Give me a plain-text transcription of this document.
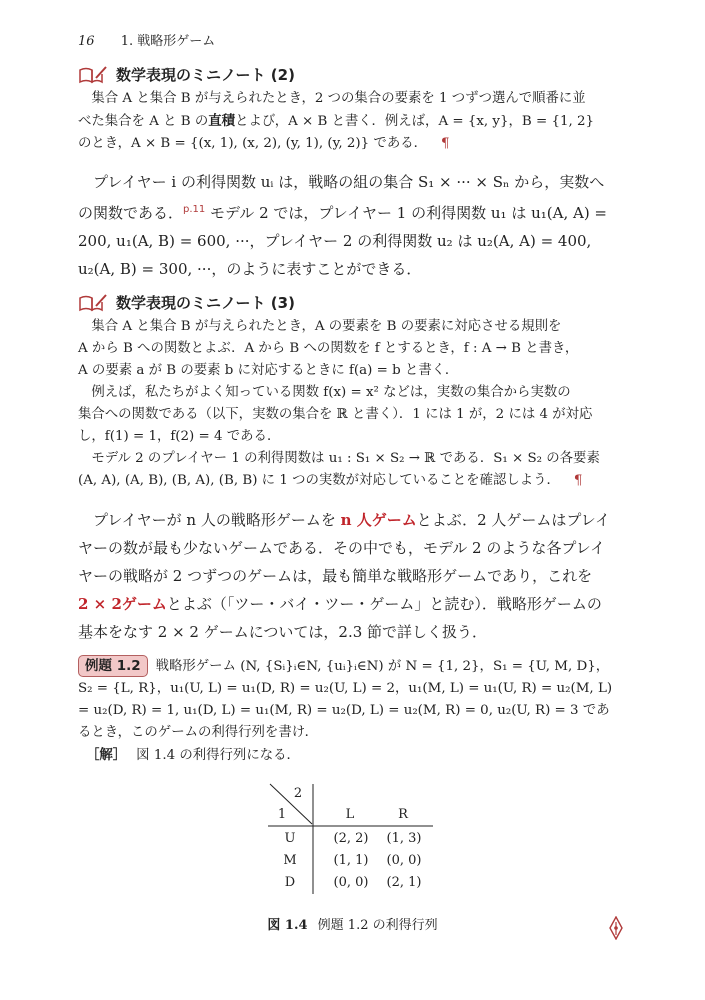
16 1. 戦略形ゲーム
数学表現のミニノート (2)

集合 A と集合 B が与えられたとき，2 つの集合の要素を 1 つずつ選んで順番に並

べた集合を A と B の直積とよび，A × B と書く．例えば，A = {x, y}，B = {1, 2}

のとき，A × B = {(x, 1), (x, 2), (y, 1), (y, 2)} である． ¶

プレイヤー i の利得関数 uᵢ は，戦略の組の集合 S₁ × ··· × Sₙ から，実数へ

の関数である．$^{p.11}$ モデル 2 では，プレイヤー 1 の利得関数 u₁ は u₁(A, A) =

200, u₁(A, B) = 600, ···，プレイヤー 2 の利得関数 u₂ は u₂(A, A) = 400,

u₂(A, B) = 300, ···，のように表すことができる．

数学表現のミニノート (3)

集合 A と集合 B が与えられたとき，A の要素を B の要素に対応させる規則を

A から B への関数とよぶ．A から B への関数を f とするとき，f : A → B と書き，

A の要素 a が B の要素 b に対応するときに f(a) = b と書く．

例えば，私たちがよく知っている関数 f(x) = x² などは，実数の集合から実数の

集合への関数である（以下，実数の集合を ℝ と書く）．1 には 1 が，2 には 4 が対応

し，f(1) = 1，f(2) = 4 である．

モデル 2 のプレイヤー 1 の利得関数は u₁ : S₁ × S₂ → ℝ である．S₁ × S₂ の各要素

(A, A), (A, B), (B, A), (B, B) に 1 つの実数が対応していることを確認しよう． ¶

プレイヤーが n 人の戦略形ゲームを n 人ゲームとよぶ．2 人ゲームはプレイ

ヤーの数が最も少ないゲームである．その中でも，モデル 2 のような各プレイ

ヤーの戦略が 2 つずつのゲームは，最も簡単な戦略形ゲームであり，これを

2 × 2ゲームとよぶ（「ツー・バイ・ツー・ゲーム」と読む）．戦略形ゲームの

基本をなす 2 × 2 ゲームについては，2.3 節で詳しく扱う．

例題 1.2 戦略形ゲーム (N, {Sᵢ}ᵢ∈N, {uᵢ}ᵢ∈N) が N = {1, 2}，S₁ = {U, M, D}，

S₂ = {L, R}，u₁(U, L) = u₁(D, R) = u₂(U, L) = 2，u₁(M, L) = u₁(U, R) = u₂(M, L)

= u₂(D, R) = 1, u₁(D, L) = u₁(M, R) = u₂(D, L) = u₂(M, R) = 0, u₂(U, R) = 3 であ

るとき，このゲームの利得行列を書け．

［解］ 図 1.4 の利得行列になる．

2
1	L	R
U	(2, 2)	(1, 3)
M	(1, 1)	(0, 0)
D	(0, 0)	(2, 1)
図 1.4 例題 1.2 の利得行列
